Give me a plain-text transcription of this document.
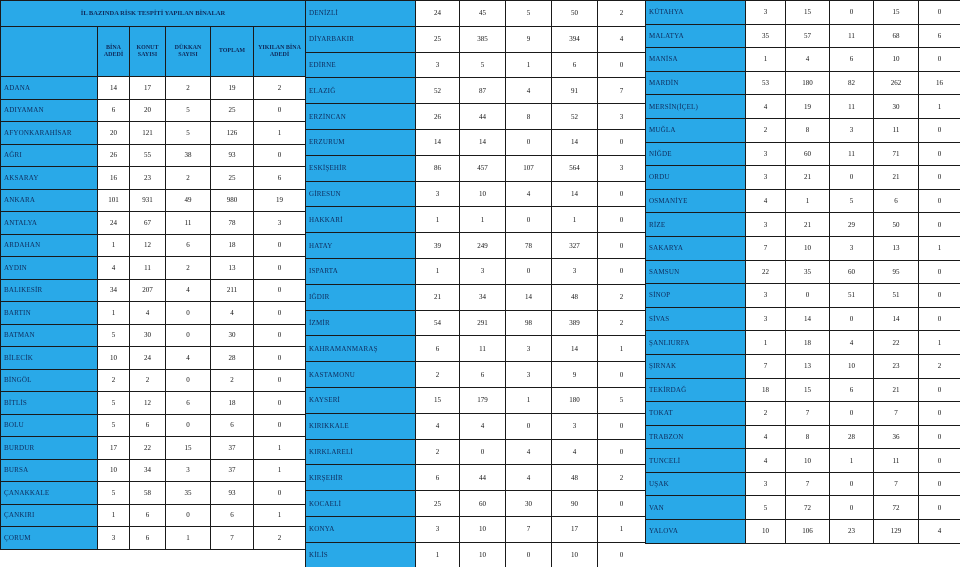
İL BAZINDA RİSK TESPİTİ YAPILAN BİNALAR					
	BİNA ADEDİ	KONUT SAYISI	DÜKKAN SAYISI	TOPLAM	YIKILAN BİNA ADEDİ
ADANA	14	17	2	19	2
ADIYAMAN	6	20	5	25	0
AFYONKARAHİSAR	20	121	5	126	1
AĞRI	26	55	38	93	0
AKSARAY	16	23	2	25	6
ANKARA	101	931	49	980	19
ANTALYA	24	67	11	78	3
ARDAHAN	1	12	6	18	0
AYDIN	4	11	2	13	0
BALIKESİR	34	207	4	211	0
BARTIN	1	4	0	4	0
BATMAN	5	30	0	30	0
BİLECİK	10	24	4	28	0
BİNGÖL	2	2	0	2	0
BİTLİS	5	12	6	18	0
BOLU	5	6	0	6	0
BURDUR	17	22	15	37	1
BURSA	10	34	3	37	1
ÇANAKKALE	5	58	35	93	0
ÇANKIRI	1	6	0	6	1
ÇORUM	3	6	1	7	2
DENİZLİ	24	45	5	50	2
DİYARBAKIR	25	385	9	394	4
EDİRNE	3	5	1	6	0
ELAZIĞ	52	87	4	91	7
ERZİNCAN	26	44	8	52	3
ERZURUM	14	14	0	14	0
ESKİŞEHİR	86	457	107	564	3
GİRESUN	3	10	4	14	0
HAKKARİ	1	1	0	1	0
HATAY	39	249	78	327	0
ISPARTA	1	3	0	3	0
IĞDIR	21	34	14	48	2
İZMİR	54	291	98	389	2
KAHRAMANMARAŞ	6	11	3	14	1
KASTAMONU	2	6	3	9	0
KAYSERİ	15	179	1	180	5
KIRIKKALE	4	4	0	3	0
KIRKLARELİ	2	0	4	4	0
KIRŞEHİR	6	44	4	48	2
KOCAELİ	25	60	30	90	0
KONYA	3	10	7	17	1
KİLİS	1	10	0	10	0
KÜTAHYA	3	15	0	15	0
MALATYA	35	57	11	68	6
MANİSA	1	4	6	10	0
MARDİN	53	180	82	262	16
MERSİN(İÇEL)	4	19	11	30	1
MUĞLA	2	8	3	11	0
NİĞDE	3	60	11	71	0
ORDU	3	21	0	21	0
OSMANİYE	4	1	5	6	0
RİZE	3	21	29	50	0
SAKARYA	7	10	3	13	1
SAMSUN	22	35	60	95	0
SİNOP	3	0	51	51	0
SİVAS	3	14	0	14	0
ŞANLIURFA	1	18	4	22	1
ŞIRNAK	7	13	10	23	2
TEKİRDAĞ	18	15	6	21	0
TOKAT	2	7	0	7	0
TRABZON	4	8	28	36	0
TUNCELİ	4	10	1	11	0
UŞAK	3	7	0	7	0
VAN	5	72	0	72	0
YALOVA	10	106	23	129	4
